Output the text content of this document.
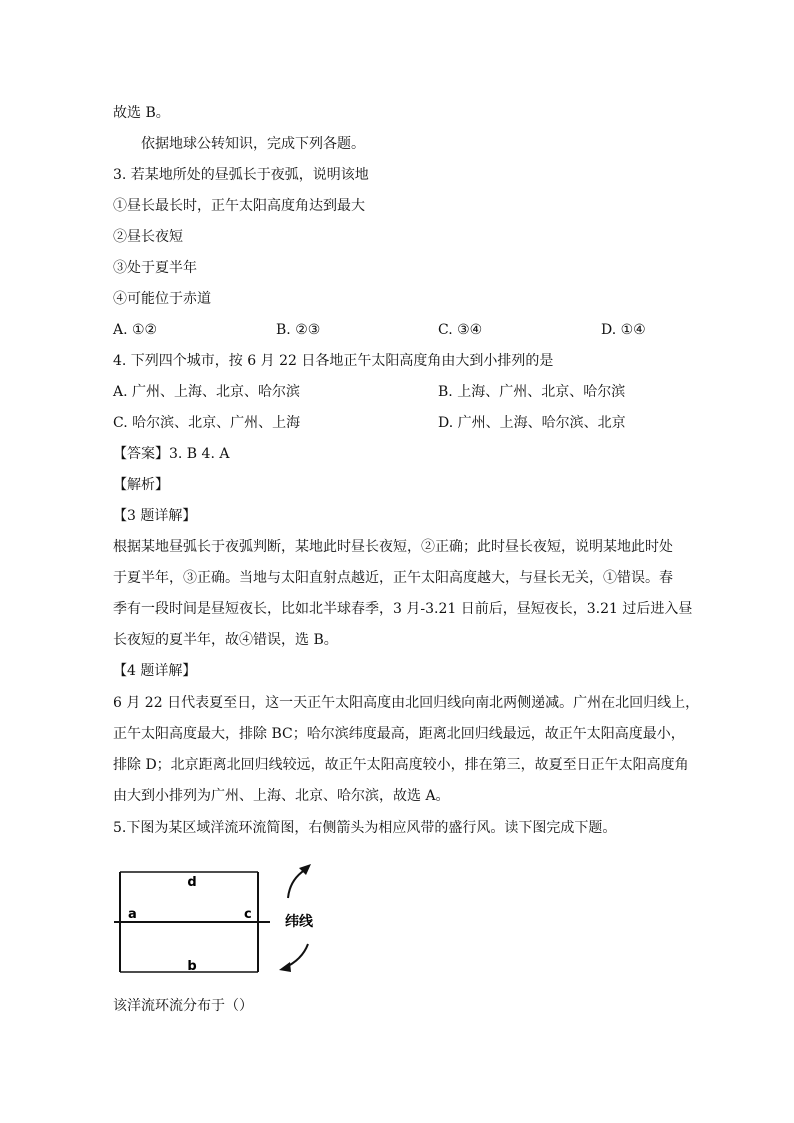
故选 B。
依据地球公转知识，完成下列各题。
3. 若某地所处的昼弧长于夜弧，说明该地
①昼长最长时，正午太阳高度角达到最大
②昼长夜短
③处于夏半年
④可能位于赤道
A. ①②	B. ②③	C. ③④	D. ①④
4. 下列四个城市，按 6 月 22 日各地正午太阳高度角由大到小排列的是
A. 广州、上海、北京、哈尔滨	B. 上海、广州、北京、哈尔滨
C. 哈尔滨、北京、广州、上海	D. 广州、上海、哈尔滨、北京
【答案】3. B 4. A
【解析】
【3 题详解】
根据某地昼弧长于夜弧判断，某地此时昼长夜短，②正确；此时昼长夜短，说明某地此时处
于夏半年，③正确。当地与太阳直射点越近，正午太阳高度越大，与昼长无关，①错误。春
季有一段时间是昼短夜长，比如北半球春季，3 月-3.21 日前后，昼短夜长，3.21 过后进入昼
长夜短的夏半年，故④错误，选 B。
【4 题详解】
6 月 22 日代表夏至日，这一天正午太阳高度由北回归线向南北两侧递减。广州在北回归线上，
正午太阳高度最大，排除 BC；哈尔滨纬度最高，距离北回归线最远，故正午太阳高度最小，
排除 D；北京距离北回归线较远，故正午太阳高度较小，排在第三，故夏至日正午太阳高度角
由大到小排列为广州、上海、北京、哈尔滨，故选 A。
5.下图为某区域洋流环流简图，右侧箭头为相应风带的盛行风。读下图完成下题。
d
a	c
b
纬线
该洋流环流分布于（）
